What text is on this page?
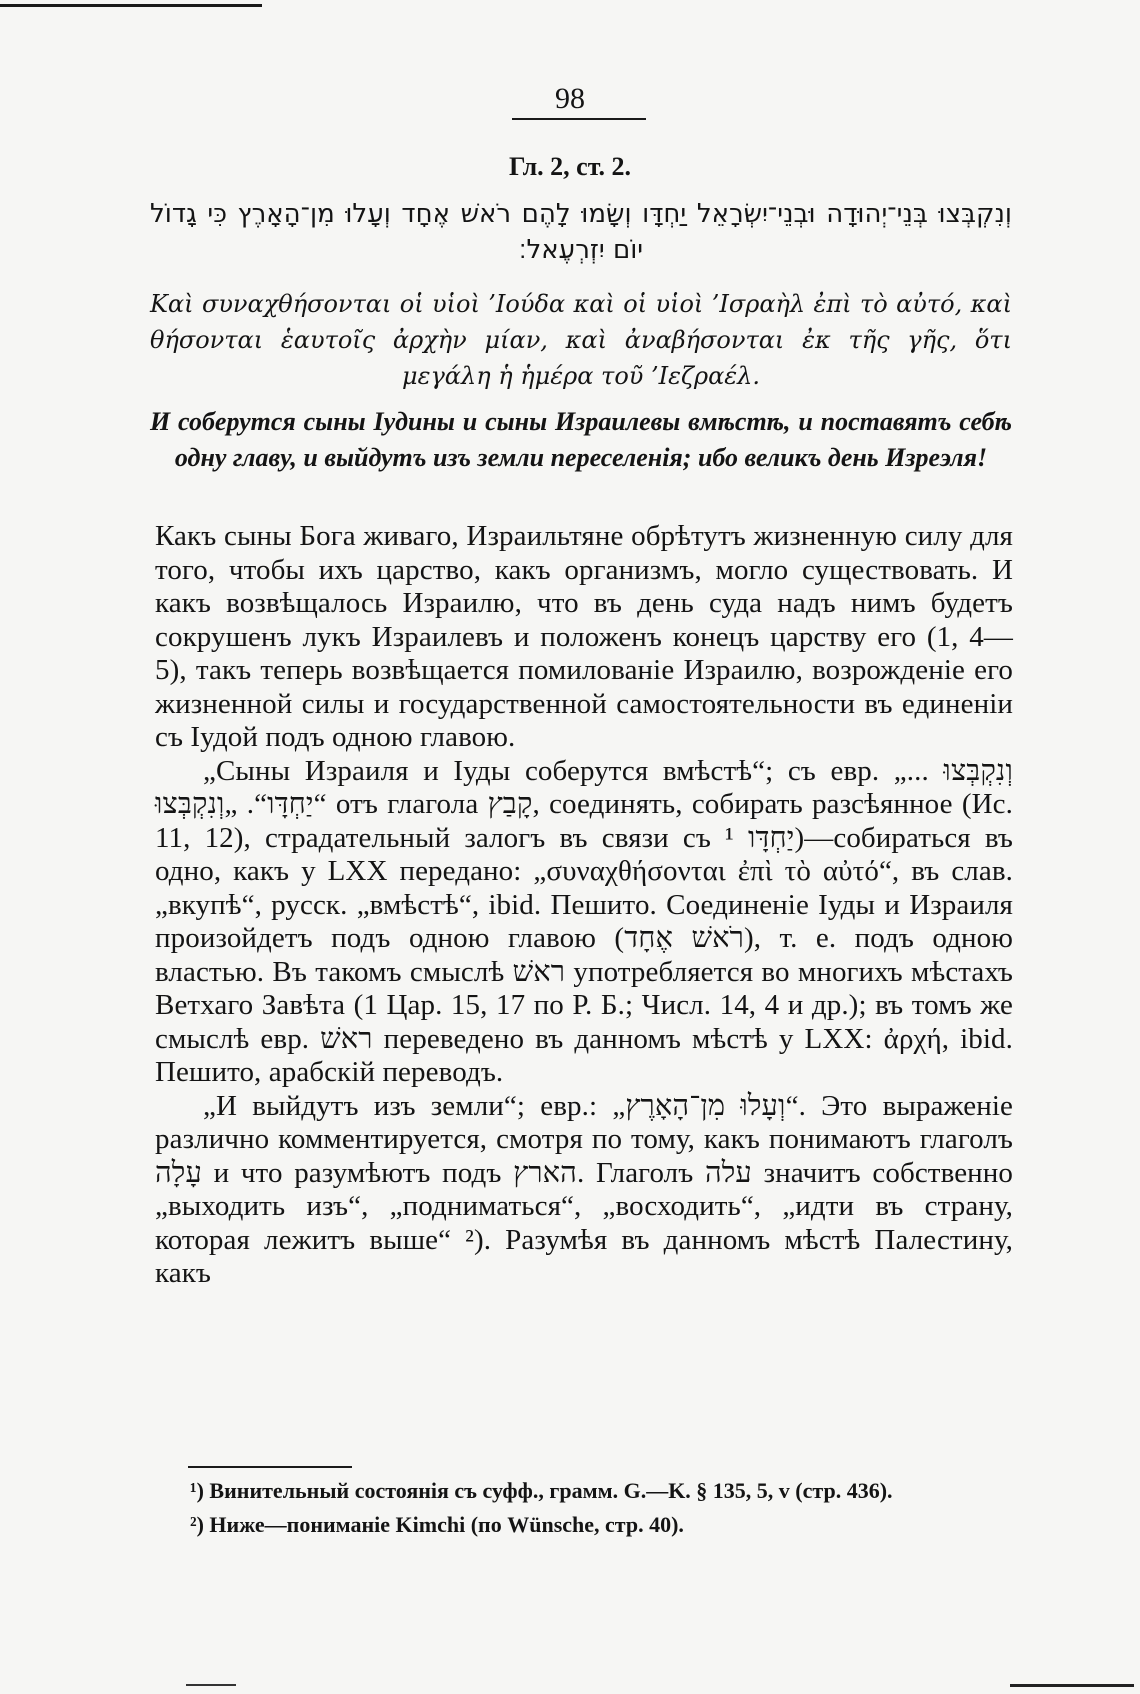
98
Гл. 2, ст. 2.
וְנִקְבְּצוּ בְּנֵי־יְהוּדָה וּבְנֵי־יִשְׂרָאֵל יַחְדָּו וְשָׂמוּ לָהֶם רֹאשׁ אֶחָד וְעָלוּ מִן־הָאָרֶץ כִּי גָדוֹל יוֹם יִזְרְעֶאל׃
Καὶ συναχθήσονται οἱ υἱοὶ ’Ιούδα καὶ οἱ υἱοὶ ’Ισραὴλ ἐπὶ τὸ αὐτό, καὶ θήσονται ἑαυτοῖς ἀρχὴν μίαν, καὶ ἀναβήσονται ἐκ τῆς γῆς, ὅτι μεγάλη ἡ ἡμέρα τοῦ ’Ιεζραέλ.
И соберутся сыны Іудины и сыны Израилевы вмѣстѣ, и поставятъ себѣ одну главу, и выйдутъ изъ земли переселенія; ибо великъ день Изреэля!

Какъ сыны Бога живаго, Израильтяне обрѣтутъ жизненную силу для того, чтобы ихъ царство, какъ организмъ, могло существовать. И какъ возвѣщалось Израилю, что въ день суда надъ нимъ будетъ сокрушенъ лукъ Израилевъ и положенъ конецъ царству его (1, 4—5), такъ теперь возвѣщается помилованіе Израилю, возрожденіе его жизненной силы и государственной самостоятельности въ единеніи съ Іудой подъ одною главою.

„Сыны Израиля и Іуды соберутся вмѣстѣ“; съ евр. „וְנִקְבְּצוּ ... יַחְדָּו“. „וְנִקְבְּצוּ“ отъ глагола קָבַץ, соединять, собирать разсѣянное (Ис. 11, 12), страдательный залогъ въ связи съ יַחְדָּו ¹)—собираться въ одно, какъ у LXX передано: „συναχθήσονται ἐπὶ τὸ αὐτό“, въ слав. „вкупѣ“, русск. „вмѣстѣ“, ibid. Пешито. Соединеніе Іуды и Израиля произойдетъ подъ одною главою (רֹאשׁ אֶחָד), т. е. подъ одною властью. Въ такомъ смыслѣ ראשׁ употребляется во многихъ мѣстахъ Ветхаго Завѣта (1 Цар. 15, 17 по Р. Б.; Числ. 14, 4 и др.); въ томъ же смыслѣ евр. ראשׁ переведено въ данномъ мѣстѣ у LXX: ἀρχή, ibid. Пешито, арабскій переводъ.

„И выйдутъ изъ земли“; евр.: „וְעָלוּ מִן־הָאָרֶץ“. Это выраженіе различно комментируется, смотря по тому, какъ понимаютъ глаголъ עָלָה и что разумѣютъ подъ הארץ. Глаголъ עלה значитъ собственно „выходить изъ“, „подниматься“, „восходить“, „идти въ страну, которая лежитъ выше“ ²). Разумѣя въ данномъ мѣстѣ Палестину, какъ

¹) Винительный состоянія съ суфф., грамм. G.—K. § 135, 5, v (стр. 436).
²) Ниже—пониманіе Kimchi (по Wünsche, стр. 40).
